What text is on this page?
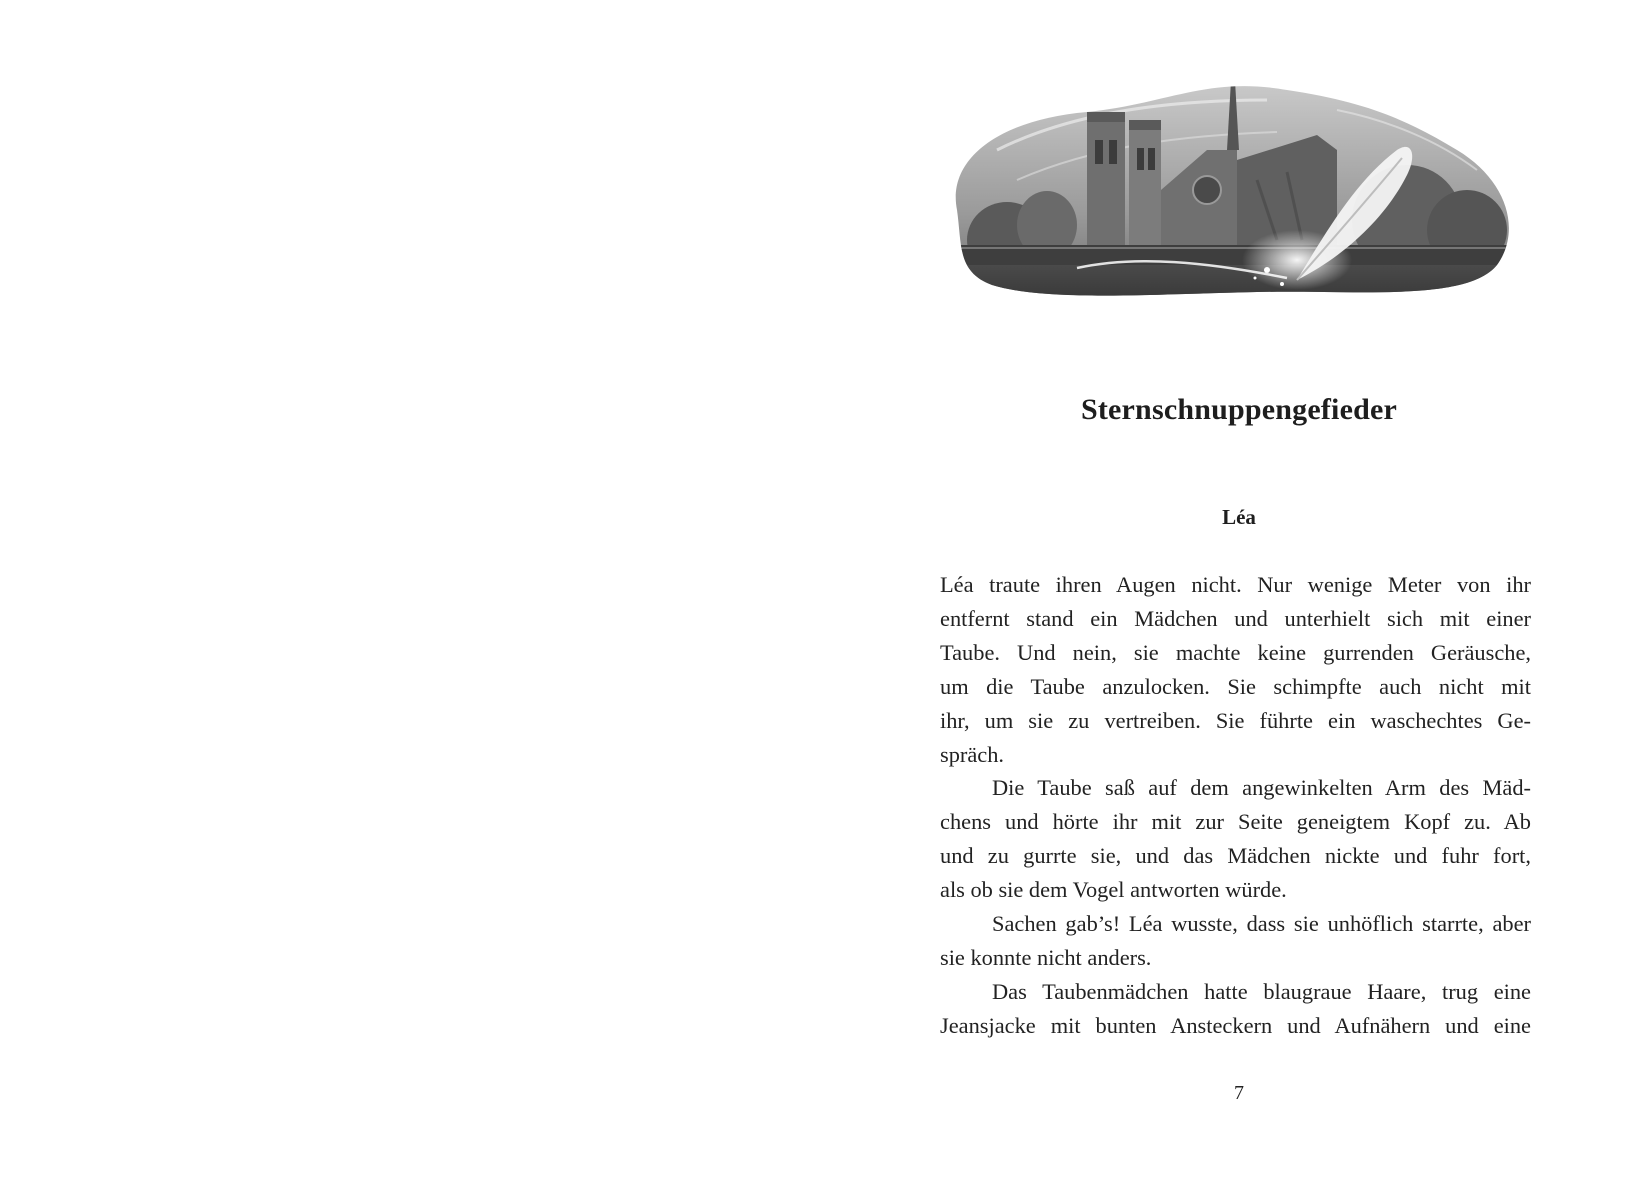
Sternschnuppengefieder
Léa
Léa traute ihren Augen nicht. Nur wenige Meter von ihr
entfernt stand ein Mädchen und unterhielt sich mit einer
Taube. Und nein, sie machte keine gurrenden Geräusche,
um die Taube anzulocken. Sie schimpfte auch nicht mit
ihr, um sie zu vertreiben. Sie führte ein waschechtes Ge-
spräch.
Die Taube saß auf dem angewinkelten Arm des Mäd-
chens und hörte ihr mit zur Seite geneigtem Kopf zu. Ab
und zu gurrte sie, und das Mädchen nickte und fuhr fort,
als ob sie dem Vogel antworten würde.
Sachen gab’s! Léa wusste, dass sie unhöflich starrte, aber
sie konnte nicht anders.
Das Taubenmädchen hatte blaugraue Haare, trug eine
Jeansjacke mit bunten Ansteckern und Aufnähern und eine
7
